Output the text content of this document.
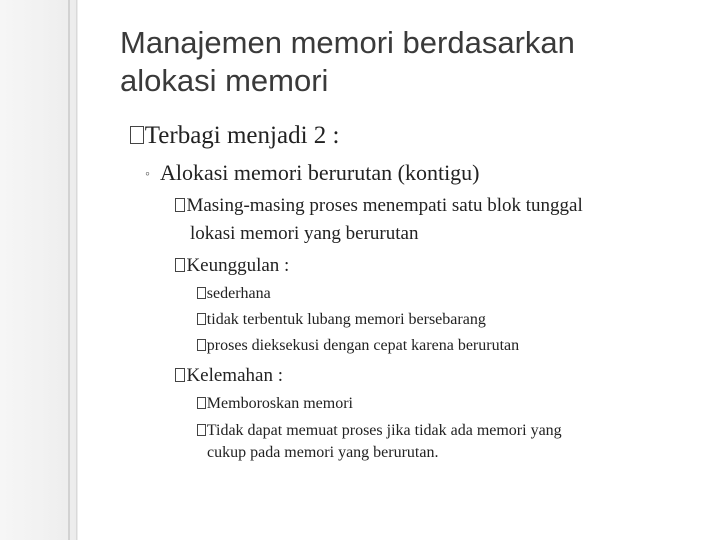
Manajemen memori berdasarkan
alokasi memori
Terbagi menjadi 2 :
◦ Alokasi memori berurutan (kontigu)
Masing-masing proses menempati satu blok tunggal
lokasi memori yang berurutan
Keunggulan :
sederhana
tidak terbentuk lubang memori bersebarang
proses dieksekusi dengan cepat karena berurutan
Kelemahan :
Memboroskan memori
Tidak dapat memuat proses jika tidak ada memori yang
cukup pada memori yang berurutan.
